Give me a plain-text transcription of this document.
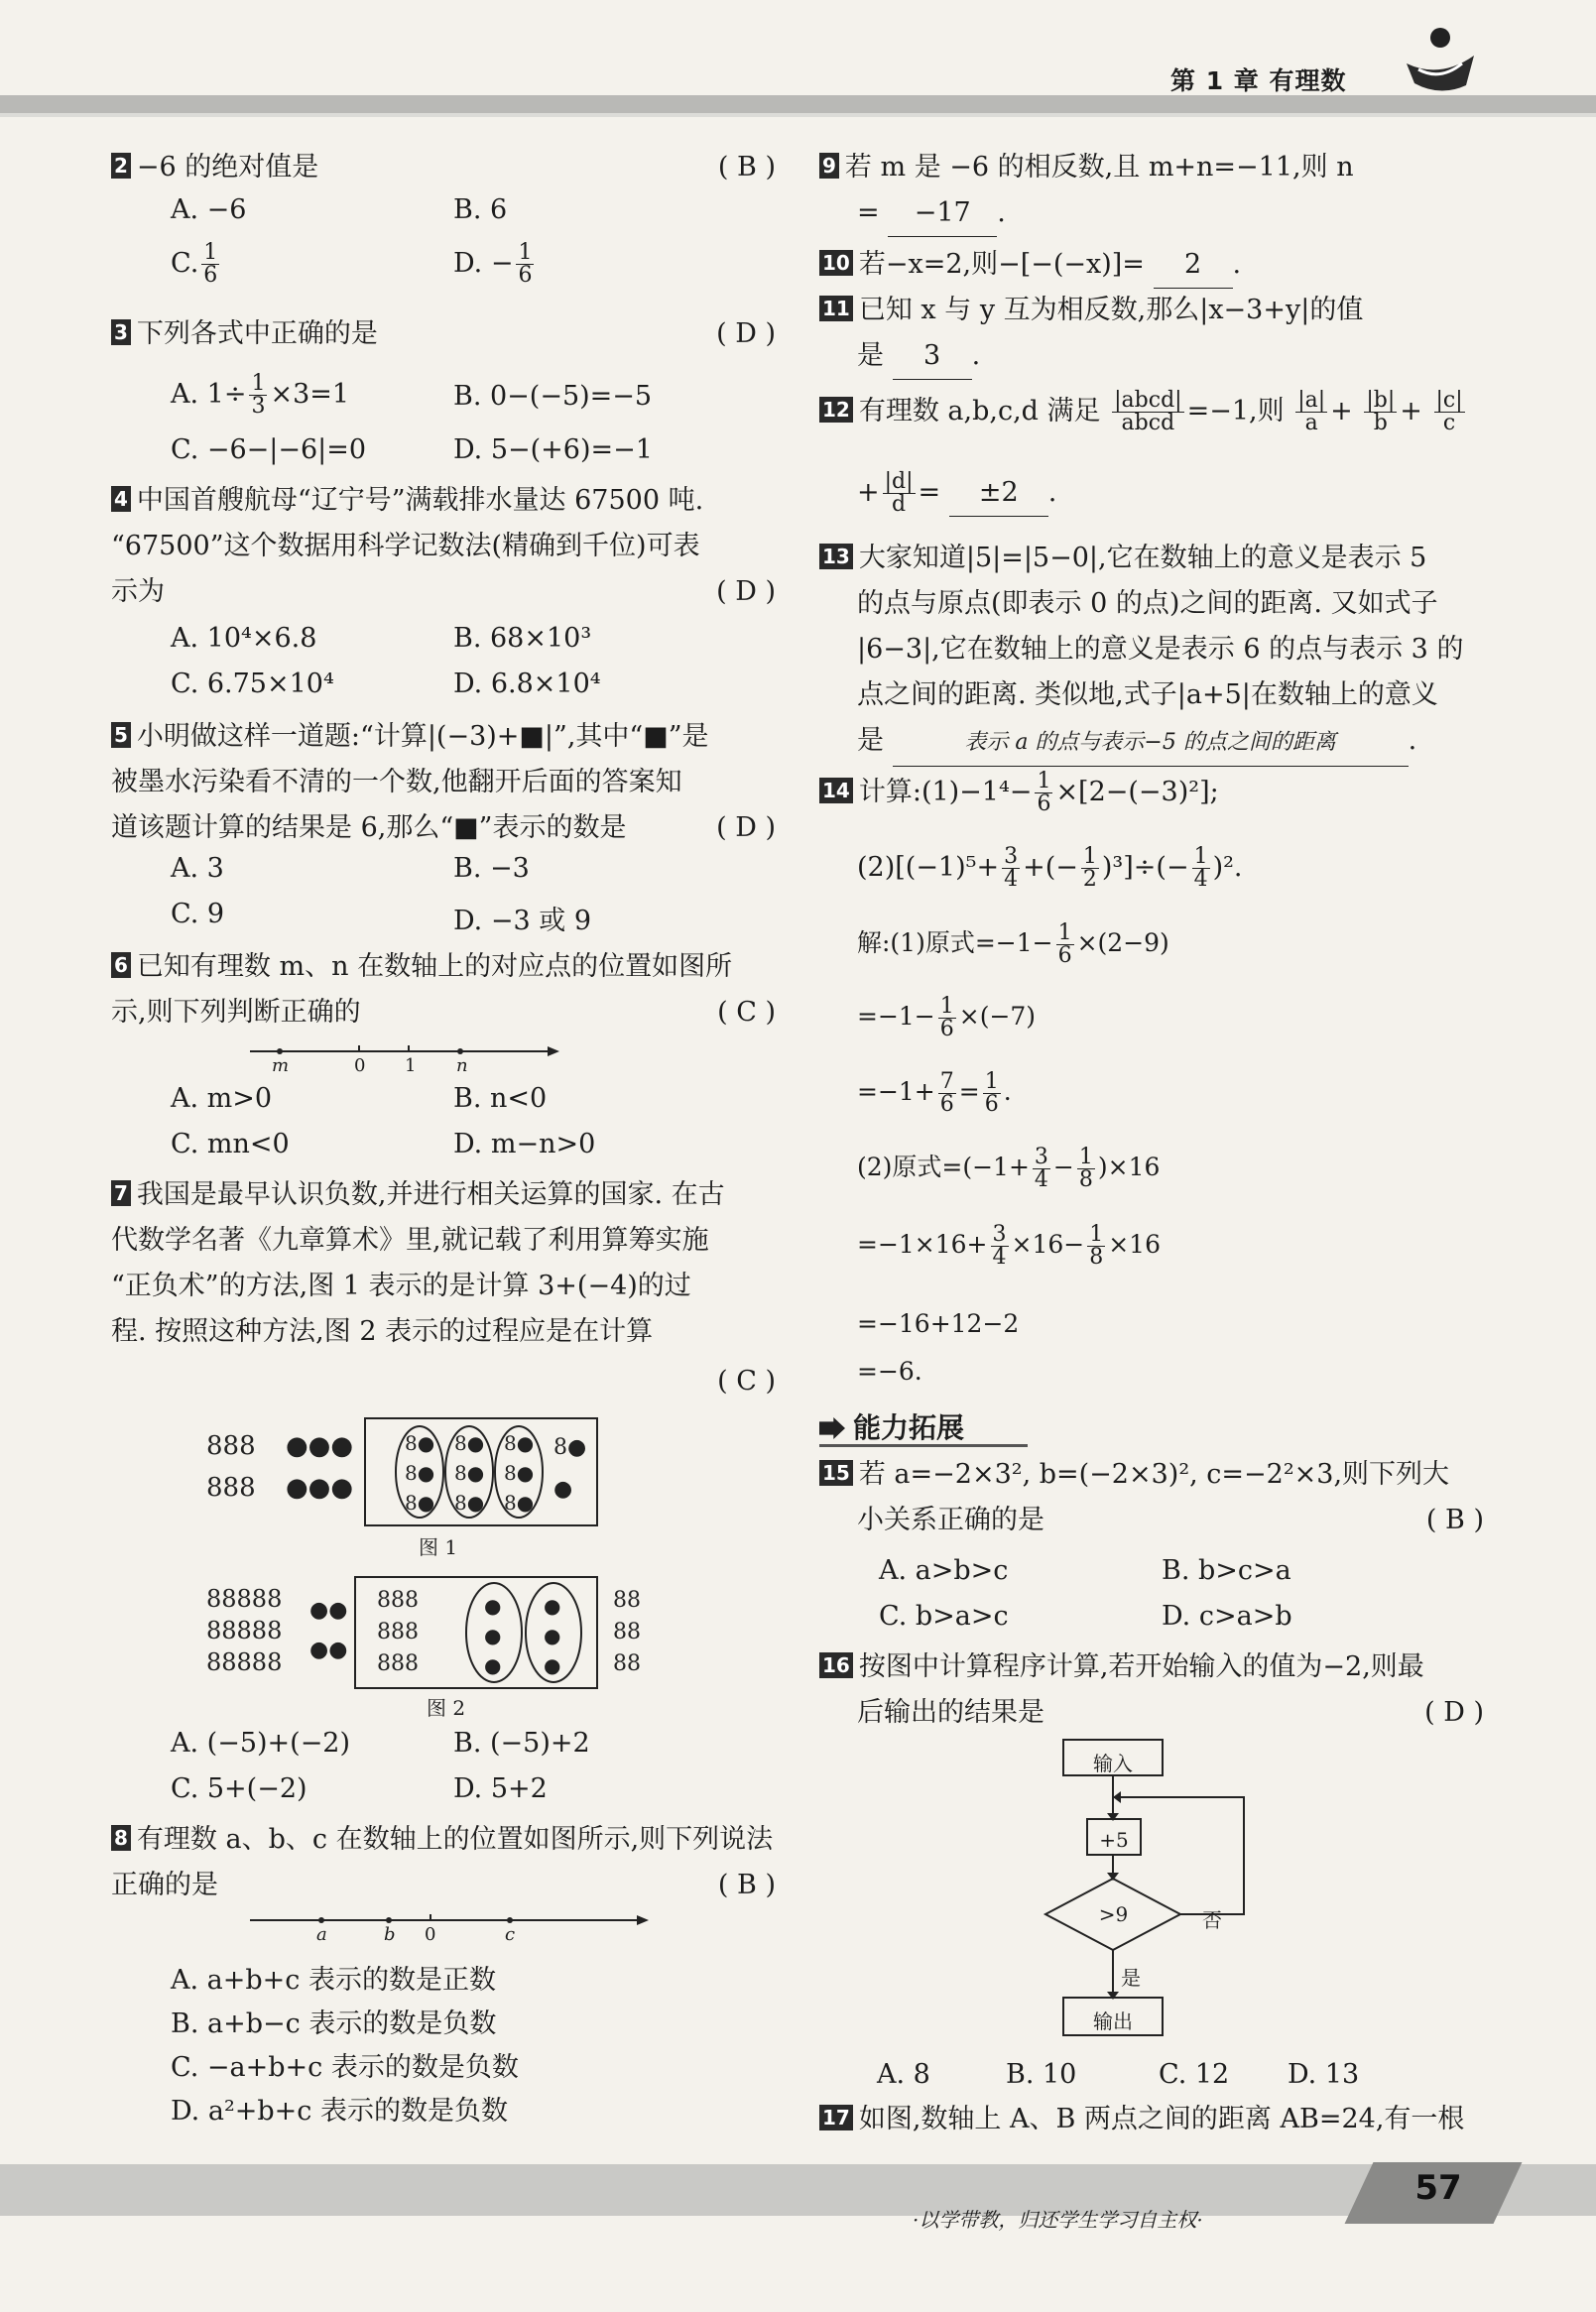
第 1 章 有理数
2 −6 的绝对值是	( B )
A. −6	B. 6
C. $\frac{1}{6}$	D. − $\frac{1}{6}$
3 下列各式中正确的是	( D )
A. $1\div \frac{1}{3} \times 3=1$	B. 0−(−5)=−5
C. −6−|−6|=0	D. 5−(+6)=−1
4 中国首艘航母“辽宁号”满载排水量达 67500 吨.
“67500”这个数据用科学记数法(精确到千位)可表
示为	( D )
A. 10⁴×6.8	B. 68×10³
C. 6.75×10⁴	D. 6.8×10⁴
5 小明做这样一道题:“计算|(−3)+■|”,其中“■”是
被墨水污染看不清的一个数,他翻开后面的答案知
道该题计算的结果是 6,那么“■”表示的数是	( D )
A. 3	B. −3
C. 9	D. −3 或 9
6 已知有理数 m、n 在数轴上的对应点的位置如图所
示,则下列判断正确的	( C )
m	0 1 n
A. m>0	B. n<0
C. mn<0	D. m−n>0
7 我国是最早认识负数,并进行相关运算的国家. 在古
代数学名著《九章算术》里,就记载了利用算筹实施
“正负术”的方法,图 1 表示的是计算 3+(−4)的过
程. 按照这种方法,图 2 表示的过程应是在计算
( C )
888
888
●●●
●●●
8●
8●
8●
8●
8●
8●
8●
8●
8●
8●
●
图 1
88888
88888
88888
●●
●●
888
888
888
●
●
●
●
●
●
88
88
88
图 2
A. (−5)+(−2)	B. (−5)+2
C. 5+(−2)	D. 5+2
8 有理数 a、b、c 在数轴上的位置如图所示,则下列说法
正确的是	( B )
a	b 0	c
A. a+b+c 表示的数是正数
B. a+b−c 表示的数是负数
C. −a+b+c 表示的数是负数
D. a²+b+c 表示的数是负数
9 若 m 是 −6 的相反数,且 m+n=−11,则 n
= −17 .
10 若−x=2,则−[−(−x)]= 2 .
11 已知 x 与 y 互为相反数,那么|x−3+y|的值
是 3 .
12 有理数 a,b,c,d 满足 $\frac{\text{|abcd|}}{\text{abcd}} =-1$,则 $\frac{|a|}{a} + \frac{|b|}{b} + \frac{|c|}{c}$
+ $\frac{|d|}{d} = \pm 2$ .
13 大家知道|5|=|5−0|,它在数轴上的意义是表示 5
的点与原点(即表示 0 的点)之间的距离. 又如式子
|6−3|,它在数轴上的意义是表示 6 的点与表示 3 的
点之间的距离. 类似地,式子|a+5|在数轴上的意义
是	表示 a 的点与表示−5 的点之间的距离	.
14 计算:(1)−1⁴− $\frac{1}{6} \times[2-(-3)^2]$;
$(2)[(-1)^5+ \frac{3}{4}$ +(− $\frac{1}{2} )^3]\div(- \frac{1}{4} )^2$.
解:(1)原式$=-1- \frac{1}{6} \times(2-9)$
$=-1- \frac{1}{6} \times(-7)$
$=-1+ \frac{7}{6} = \frac{1}{6}$ .
(2)原式$=(-1+ \frac{3}{4} - \frac{1}{8} )\times 16$
$=-1\times 16+ \frac{3}{4} \times 16- \frac{1}{8} \times 16$
=−16+12−2
=−6.
能力拓展
15 若 a=−2×3², b=(−2×3)², c=−2²×3,则下列大
小关系正确的是	( B )
A. a>b>c	B. b>c>a
C. b>a>c	D. c>a>b
16 按图中计算程序计算,若开始输入的值为−2,则最
后输出的结果是	( D )
输入
+5
>9	否
是
输出
A. 8	B. 10	C. 12 D. 13
17 如图,数轴上 A、B 两点之间的距离 AB=24,有一根
·以学带教，归还学生学习自主权·
57
